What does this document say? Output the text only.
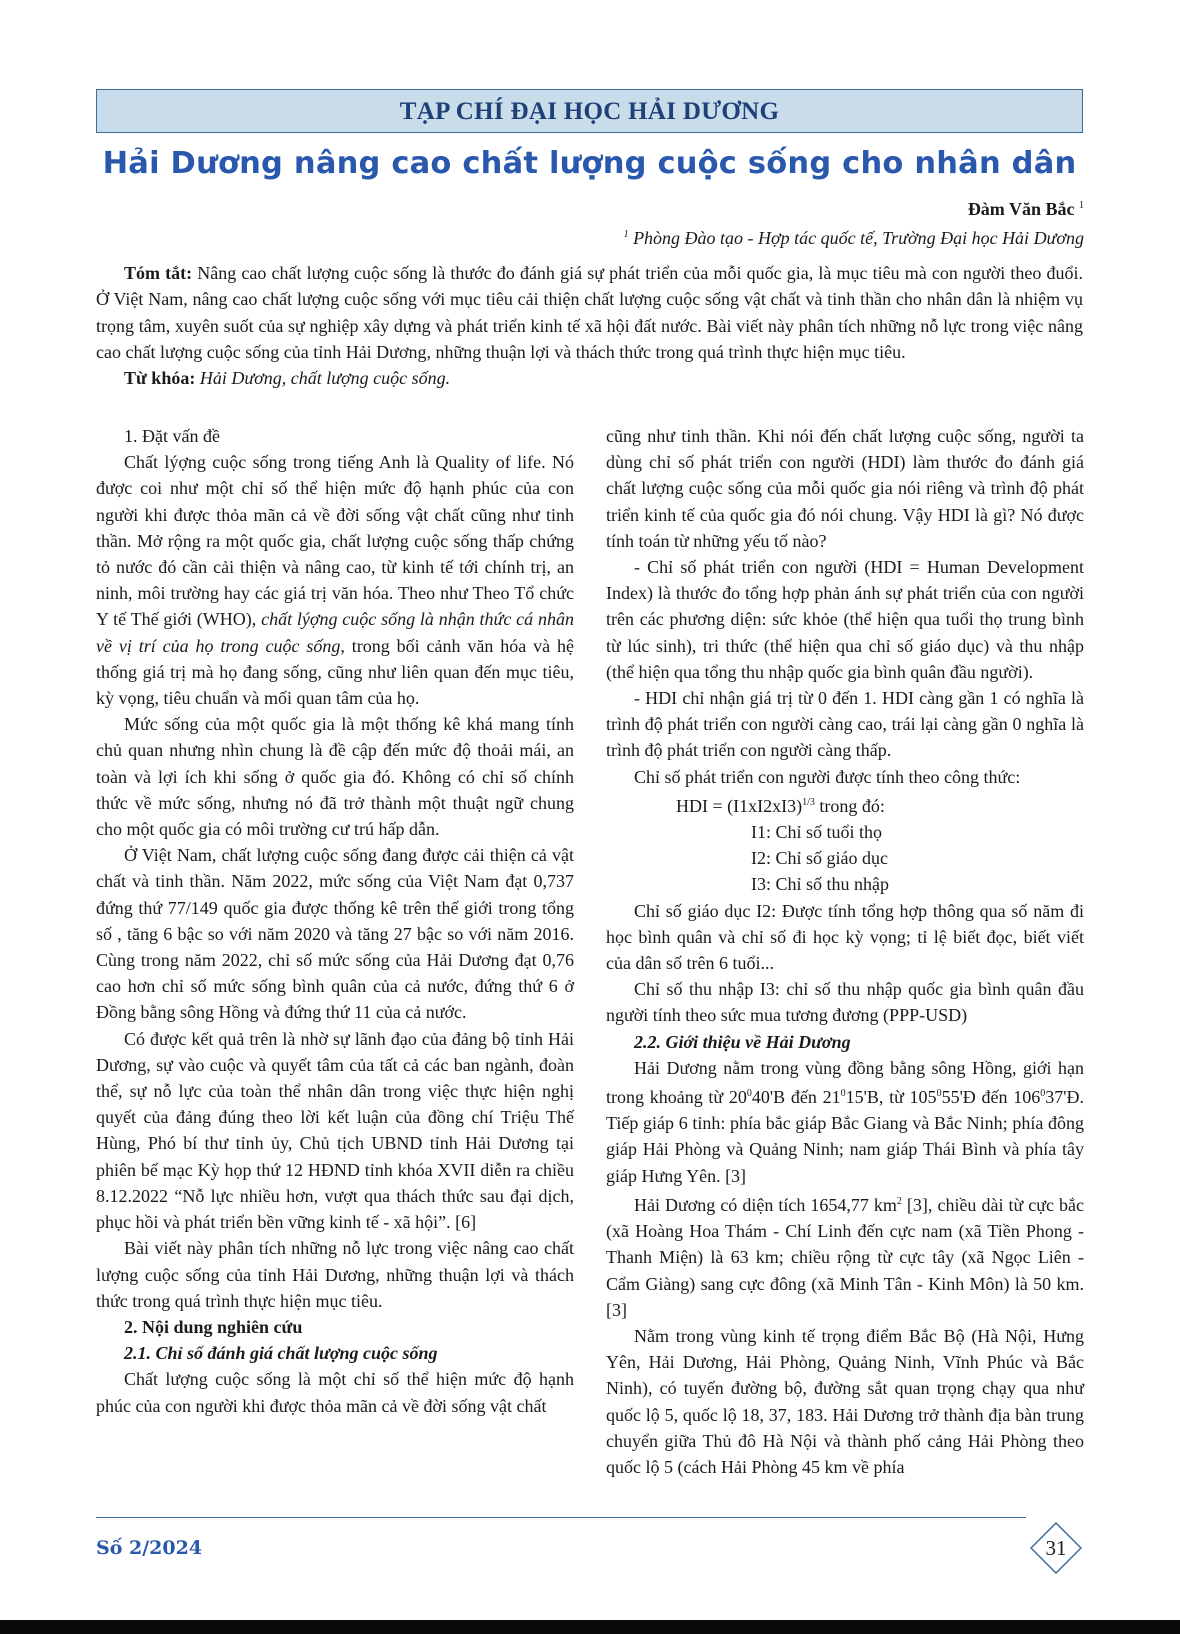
TẠP CHÍ ĐẠI HỌC HẢI DƯƠNG
Hải Dương nâng cao chất lượng cuộc sống cho nhân dân
Đàm Văn Bắc $^1$
$^1$ Phòng Đào tạo - Hợp tác quốc tế, Trường Đại học Hải Dương

Tóm tắt: Nâng cao chất lượng cuộc sống là thước đo đánh giá sự phát triển của mỗi quốc gia, là mục tiêu mà con người theo đuổi. Ở Việt Nam, nâng cao chất lượng cuộc sống với mục tiêu cải thiện chất lượng cuộc sống vật chất và tinh thần cho nhân dân là nhiệm vụ trọng tâm, xuyên suốt của sự nghiệp xây dựng và phát triển kinh tế xã hội đất nước. Bài viết này phân tích những nỗ lực trong việc nâng cao chất lượng cuộc sống của tỉnh Hải Dương, những thuận lợi và thách thức trong quá trình thực hiện mục tiêu.

Từ khóa: Hải Dương, chất lượng cuộc sống.

1. Đặt vấn đề

Chất lýợng cuộc sống trong tiếng Anh là Quality of life. Nó được coi như một chỉ số thể hiện mức độ hạnh phúc của con người khi được thỏa mãn cả về đời sống vật chất cũng như tinh thần. Mở rộng ra một quốc gia, chất lượng cuộc sống thấp chứng tỏ nước đó cần cải thiện và nâng cao, từ kinh tế tới chính trị, an ninh, môi trường hay các giá trị văn hóa. Theo như Theo Tổ chức Y tế Thế giới (WHO), chất lýợng cuộc sống là nhận thức cá nhân về vị trí của họ trong cuộc sống, trong bối cảnh văn hóa và hệ thống giá trị mà họ đang sống, cũng như liên quan đến mục tiêu, kỳ vọng, tiêu chuẩn và mối quan tâm của họ.

Mức sống của một quốc gia là một thống kê khá mang tính chủ quan nhưng nhìn chung là đề cập đến mức độ thoải mái, an toàn và lợi ích khi sống ở quốc gia đó. Không có chỉ số chính thức về mức sống, nhưng nó đã trở thành một thuật ngữ chung cho một quốc gia có môi trường cư trú hấp dẫn.

Ở Việt Nam, chất lượng cuộc sống đang được cải thiện cả vật chất và tinh thần. Năm 2022, mức sống của Việt Nam đạt 0,737 đứng thứ 77/149 quốc gia được thống kê trên thế giới trong tổng số , tăng 6 bậc so với năm 2020 và tăng 27 bậc so với năm 2016. Cùng trong năm 2022, chỉ số mức sống của Hải Dương đạt 0,76 cao hơn chỉ số mức sống bình quân của cả nước, đứng thứ 6 ở Đồng bằng sông Hồng và đứng thứ 11 của cả nước.

Có được kết quả trên là nhờ sự lãnh đạo của đảng bộ tỉnh Hải Dương, sự vào cuộc và quyết tâm của tất cả các ban ngành, đoàn thể, sự nỗ lực của toàn thể nhân dân trong việc thực hiện nghị quyết của đảng đúng theo lời kết luận của đồng chí Triệu Thế Hùng, Phó bí thư tỉnh ủy, Chủ tịch UBND tỉnh Hải Dương tại phiên bế mạc Kỳ họp thứ 12 HĐND tỉnh khóa XVII diễn ra chiều 8.12.2022 “Nỗ lực nhiều hơn, vượt qua thách thức sau đại dịch, phục hồi và phát triển bền vững kinh tế - xã hội”. [6]

Bài viết này phân tích những nỗ lực trong việc nâng cao chất lượng cuộc sống của tỉnh Hải Dương, những thuận lợi và thách thức trong quá trình thực hiện mục tiêu.

2. Nội dung nghiên cứu

2.1. Chỉ số đánh giá chất lượng cuộc sống

Chất lượng cuộc sống là một chỉ số thể hiện mức độ hạnh phúc của con người khi được thỏa mãn cả về đời sống vật chất

cũng như tinh thần. Khi nói đến chất lượng cuộc sống, người ta dùng chỉ số phát triển con người (HDI) làm thước đo đánh giá chất lượng cuộc sống của mỗi quốc gia nói riêng và trình độ phát triển kinh tế của quốc gia đó nói chung. Vậy HDI là gì? Nó được tính toán từ những yếu tố nào?

- Chỉ số phát triển con người (HDI = Human Development Index) là thước đo tổng hợp phản ánh sự phát triển của con người trên các phương diện: sức khỏe (thể hiện qua tuổi thọ trung bình từ lúc sinh), tri thức (thể hiện qua chỉ số giáo dục) và thu nhập (thể hiện qua tổng thu nhập quốc gia bình quân đầu người).

- HDI chỉ nhận giá trị từ 0 đến 1. HDI càng gần 1 có nghĩa là trình độ phát triển con người càng cao, trái lại càng gần 0 nghĩa là trình độ phát triển con người càng thấp.

Chỉ số phát triển con người được tính theo công thức:

HDI = $(I1xI2xI3)^{1/3}$ trong đó:

I1: Chỉ số tuổi thọ

I2: Chỉ số giáo dục

I3: Chỉ số thu nhập

Chỉ số giáo dục I2: Được tính tổng hợp thông qua số năm đi học bình quân và chỉ số đi học kỳ vọng; tỉ lệ biết đọc, biết viết của dân số trên 6 tuổi...

Chỉ số thu nhập I3: chỉ số thu nhập quốc gia bình quân đầu người tính theo sức mua tương đương (PPP-USD)

2.2. Giới thiệu về Hải Dương

Hải Dương nằm trong vùng đồng bằng sông Hồng, giới hạn trong khoảng từ $20^040'B$ đến $21^015'B$, từ $105^055'Đ$ đến $106^037'Đ$. Tiếp giáp 6 tỉnh: phía bắc giáp Bắc Giang và Bắc Ninh; phía đông giáp Hải Phòng và Quảng Ninh; nam giáp Thái Bình và phía tây giáp Hưng Yên. [3]

Hải Dương có diện tích 1654,77 $km^2$ [3], chiều dài từ cực bắc (xã Hoàng Hoa Thám - Chí Linh đến cực nam (xã Tiền Phong - Thanh Miện) là 63 km; chiều rộng từ cực tây (xã Ngọc Liên - Cẩm Giàng) sang cực đông (xã Minh Tân - Kinh Môn) là 50 km. [3]

Nằm trong vùng kinh tế trọng điểm Bắc Bộ (Hà Nội, Hưng Yên, Hải Dương, Hải Phòng, Quảng Ninh, Vĩnh Phúc và Bắc Ninh), có tuyến đường bộ, đường sắt quan trọng chạy qua như quốc lộ 5, quốc lộ 18, 37, 183. Hải Dương trở thành địa bàn trung chuyển giữa Thủ đô Hà Nội và thành phố cảng Hải Phòng theo quốc lộ 5 (cách Hải Phòng 45 km về phía

Số 2/2024	31
